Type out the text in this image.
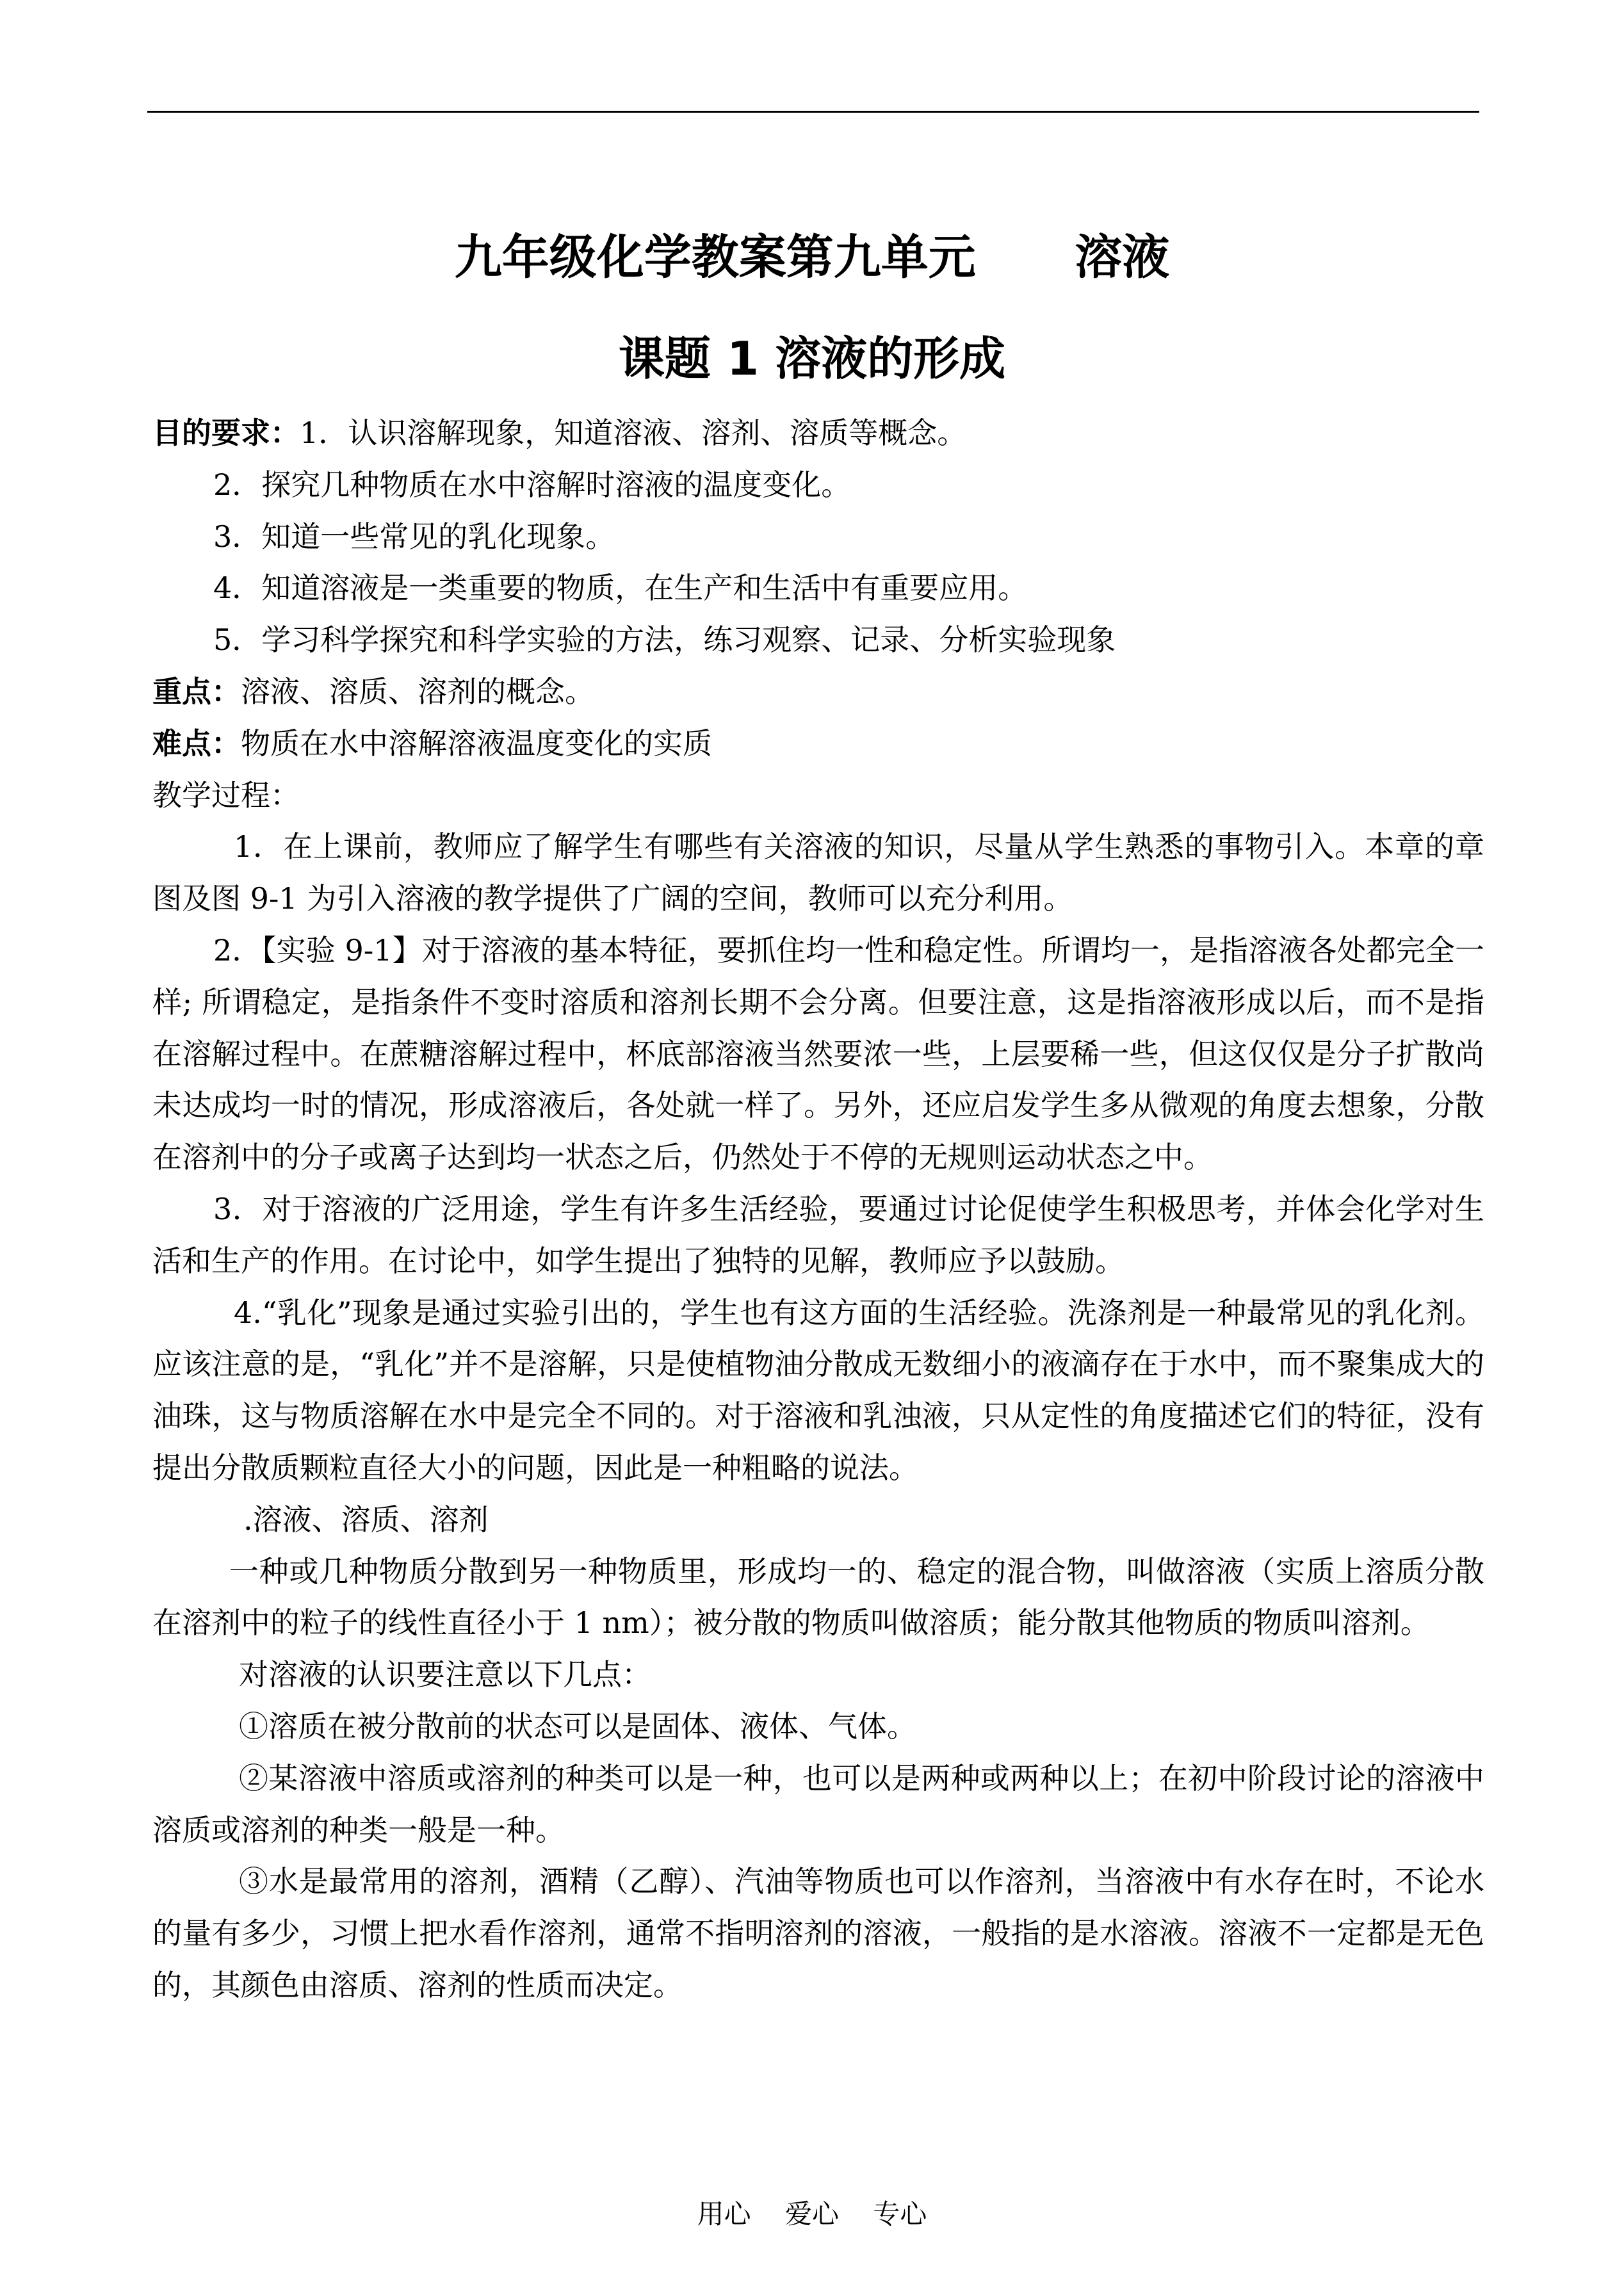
九年级化学教案第九单元      溶液
课题 1 溶液的形成

目的要求：1．认识溶解现象，知道溶液、溶剂、溶质等概念。

2．探究几种物质在水中溶解时溶液的温度变化。

3．知道一些常见的乳化现象。

4．知道溶液是一类重要的物质，在生产和生活中有重要应用。

5．学习科学探究和科学实验的方法，练习观察、记录、分析实验现象

重点：溶液、溶质、溶剂的概念。

难点：物质在水中溶解溶液温度变化的实质

教学过程：

1．在上课前，教师应了解学生有哪些有关溶液的知识，尽量从学生熟悉的事物引入。本章的章图及图 9-1 为引入溶液的教学提供了广阔的空间，教师可以充分利用。

2．【实验 9-1】对于溶液的基本特征，要抓住均一性和稳定性。所谓均一，是指溶液各处都完全一样; 所谓稳定，是指条件不变时溶质和溶剂长期不会分离。但要注意，这是指溶液形成以后，而不是指在溶解过程中。在蔗糖溶解过程中，杯底部溶液当然要浓一些，上层要稀一些，但这仅仅是分子扩散尚未达成均一时的情况，形成溶液后，各处就一样了。另外，还应启发学生多从微观的角度去想象，分散在溶剂中的分子或离子达到均一状态之后，仍然处于不停的无规则运动状态之中。

3．对于溶液的广泛用途，学生有许多生活经验，要通过讨论促使学生积极思考，并体会化学对生活和生产的作用。在讨论中，如学生提出了独特的见解，教师应予以鼓励。

4.“乳化”现象是通过实验引出的，学生也有这方面的生活经验。洗涤剂是一种最常见的乳化剂。应该注意的是，“乳化”并不是溶解，只是使植物油分散成无数细小的液滴存在于水中，而不聚集成大的油珠，这与物质溶解在水中是完全不同的。对于溶液和乳浊液，只从定性的角度描述它们的特征，没有提出分散质颗粒直径大小的问题，因此是一种粗略的说法。

.溶液、溶质、溶剂

一种或几种物质分散到另一种物质里，形成均一的、稳定的混合物，叫做溶液（实质上溶质分散在溶剂中的粒子的线性直径小于 1 nm）；被分散的物质叫做溶质；能分散其他物质的物质叫溶剂。

对溶液的认识要注意以下几点：

①溶质在被分散前的状态可以是固体、液体、气体。

②某溶液中溶质或溶剂的种类可以是一种，也可以是两种或两种以上；在初中阶段讨论的溶液中溶质或溶剂的种类一般是一种。

③水是最常用的溶剂，酒精（乙醇）、汽油等物质也可以作溶剂，当溶液中有水存在时，不论水的量有多少，习惯上把水看作溶剂，通常不指明溶剂的溶液，一般指的是水溶液。溶液不一定都是无色的，其颜色由溶质、溶剂的性质而决定。

用心    爱心    专心
